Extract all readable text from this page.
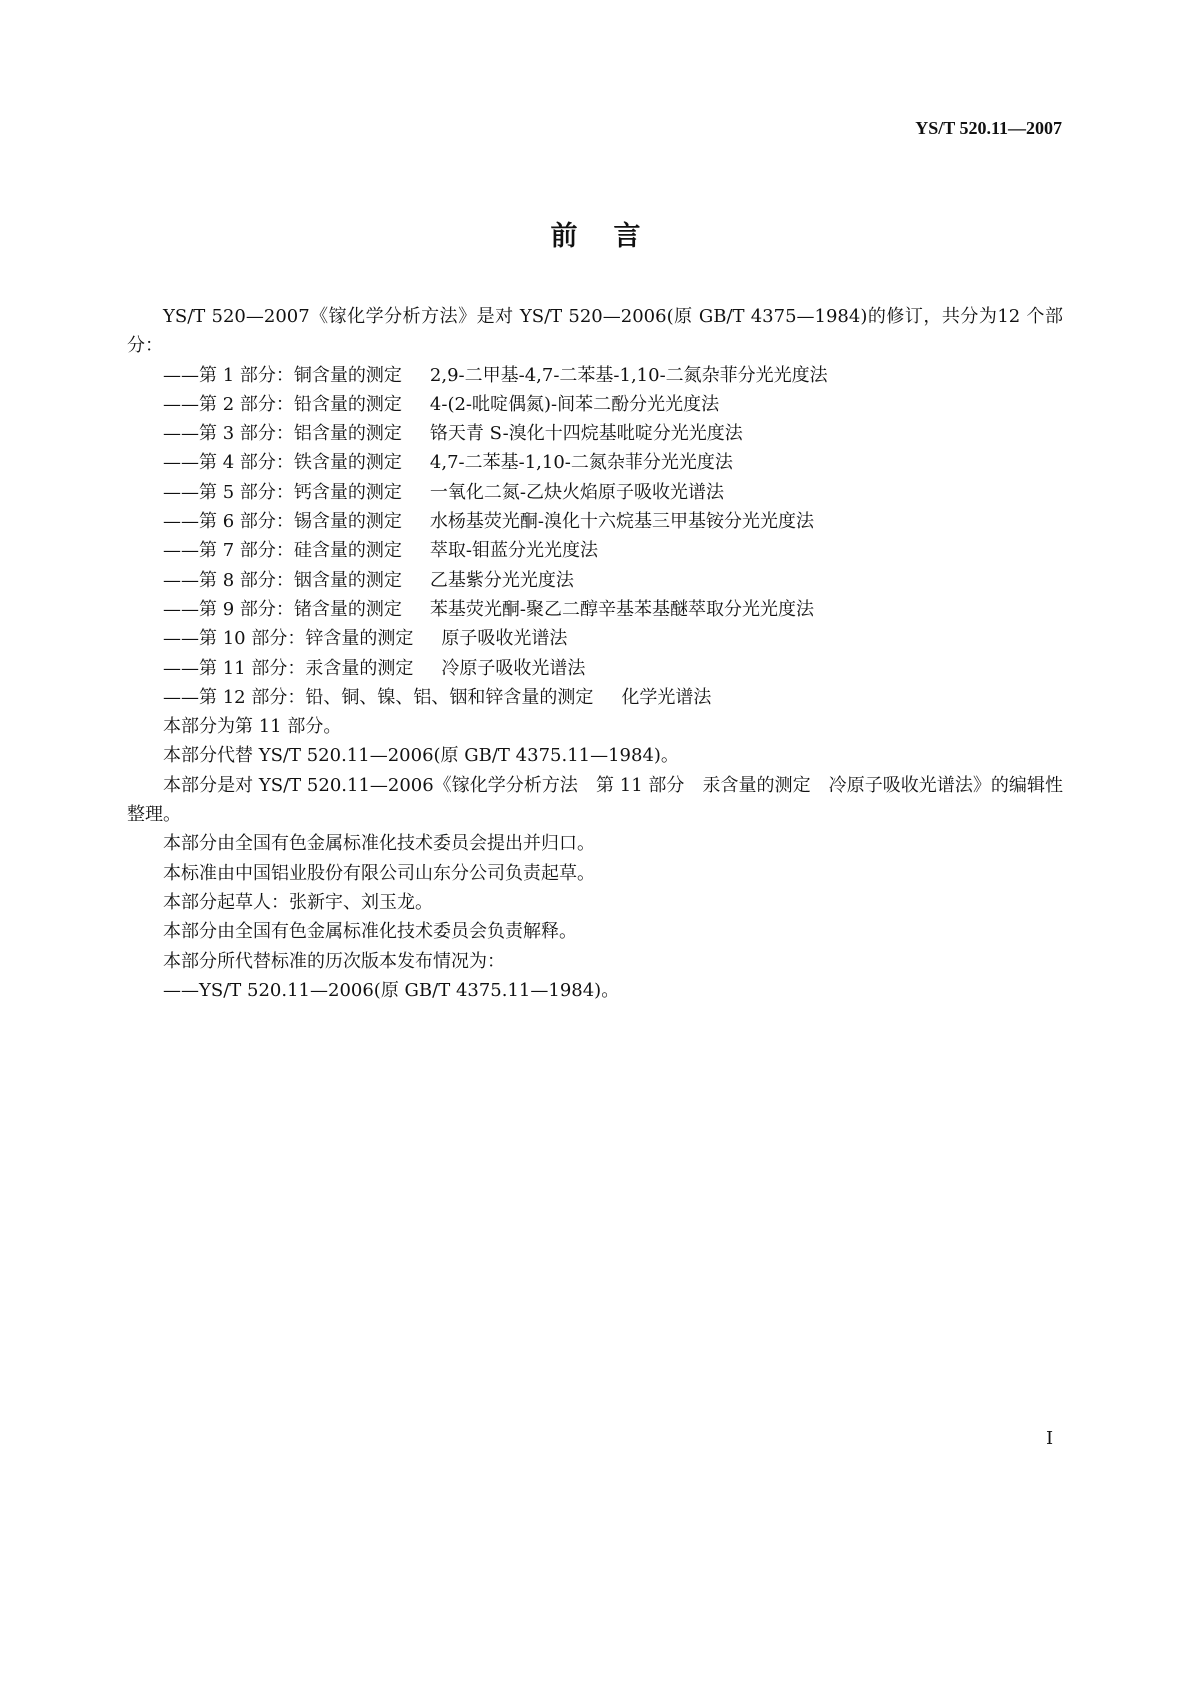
YS/T 520.11—2007
前言

YS/T 520—2007《镓化学分析方法》是对 YS/T 520—2006(原 GB/T 4375—1984)的修订，共分为12 个部分：

——第 1 部分：铜含量的测定 2,9-二甲基-4,7-二苯基-1,10-二氮杂菲分光光度法
——第 2 部分：铅含量的测定 4-(2-吡啶偶氮)-间苯二酚分光光度法
——第 3 部分：铝含量的测定 铬天青 S-溴化十四烷基吡啶分光光度法
——第 4 部分：铁含量的测定 4,7-二苯基-1,10-二氮杂菲分光光度法
——第 5 部分：钙含量的测定 一氧化二氮-乙炔火焰原子吸收光谱法
——第 6 部分：锡含量的测定 水杨基荧光酮-溴化十六烷基三甲基铵分光光度法
——第 7 部分：硅含量的测定 萃取-钼蓝分光光度法
——第 8 部分：铟含量的测定 乙基紫分光光度法
——第 9 部分：锗含量的测定 苯基荧光酮-聚乙二醇辛基苯基醚萃取分光光度法
——第 10 部分：锌含量的测定 原子吸收光谱法
——第 11 部分：汞含量的测定 冷原子吸收光谱法
——第 12 部分：铅、铜、镍、铝、铟和锌含量的测定 化学光谱法

本部分为第 11 部分。

本部分代替 YS/T 520.11—2006(原 GB/T 4375.11—1984)。

本部分是对 YS/T 520.11—2006《镓化学分析方法　第 11 部分　汞含量的测定　冷原子吸收光谱法》的编辑性整理。

本部分由全国有色金属标准化技术委员会提出并归口。

本标准由中国铝业股份有限公司山东分公司负责起草。

本部分起草人：张新宇、刘玉龙。

本部分由全国有色金属标准化技术委员会负责解释。

本部分所代替标准的历次版本发布情况为：

——YS/T 520.11—2006(原 GB/T 4375.11—1984)。
I
